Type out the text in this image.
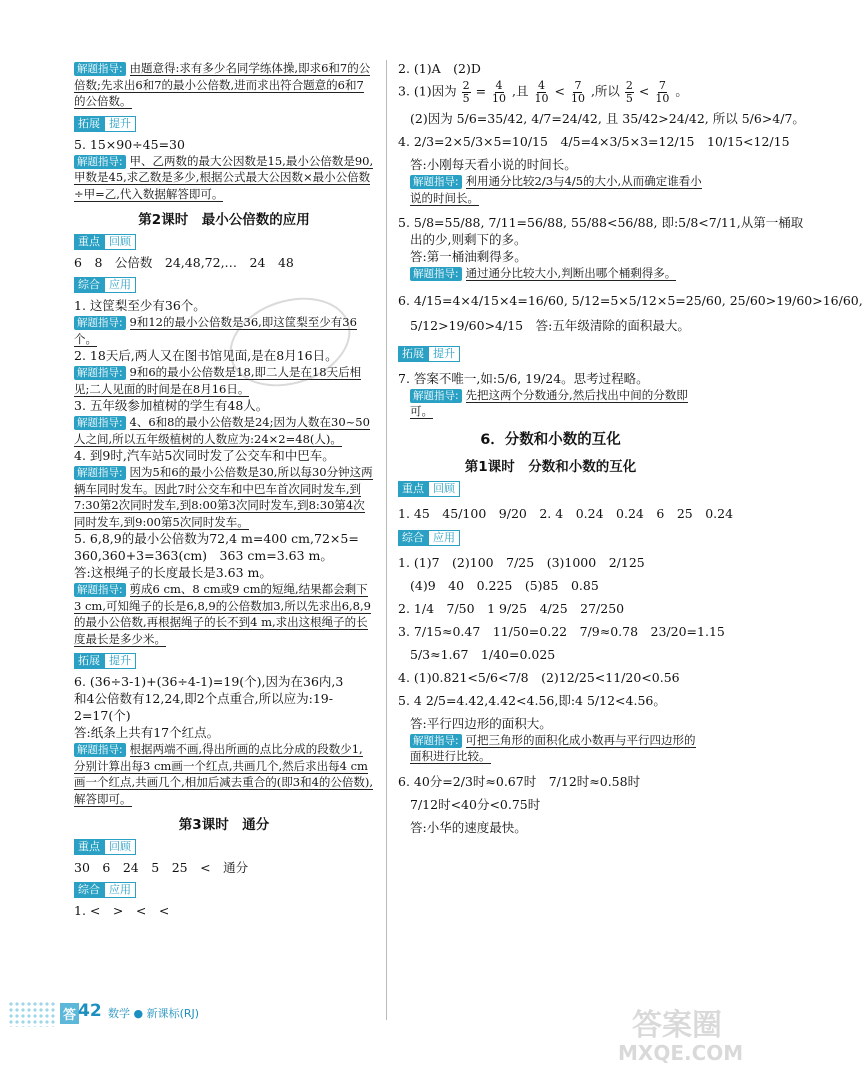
解题指导: 由题意得:求有多少名同学练体操,即求6和7的公倍数;先求出6和7的最小公倍数,进而求出符合题意的6和7的公倍数。

拓展 提升

5. 15×90÷45=30

解题指导: 甲、乙两数的最大公因数是15,最小公倍数是90,甲数是45,求乙数是多少,根据公式最大公因数×最小公倍数÷甲=乙,代入数据解答即可。

第2课时　最小公倍数的应用
重点 回顾

6　8　公倍数　24,48,72,…　24　48

综合 应用

1. 这筐梨至少有36个。

解题指导: 9和12的最小公倍数是36,即这筐梨至少有36个。

2. 18天后,两人又在图书馆见面,是在8月16日。

解题指导: 9和6的最小公倍数是18,即二人是在18天后相见;二人见面的时间是在8月16日。

3. 五年级参加植树的学生有48人。

解题指导: 4、6和8的最小公倍数是24;因为人数在30~50人之间,所以五年级植树的人数应为:24×2=48(人)。

4. 到9时,汽车站5次同时发了公交车和中巴车。

解题指导: 因为5和6的最小公倍数是30,所以每30分钟这两辆车同时发车。因此7时公交车和中巴车首次同时发车,到7:30第2次同时发车,到8:00第3次同时发车,到8:30第4次同时发车,到9:00第5次同时发车。

5. 6,8,9的最小公倍数为72,4 m=400 cm,72×5=

360,360+3=363(cm)　363 cm=3.63 m。

答:这根绳子的长度最长是3.63 m。

解题指导: 剪成6 cm、8 cm或9 cm的短绳,结果都会剩下3 cm,可知绳子的长是6,8,9的公倍数加3,所以先求出6,8,9的最小公倍数,再根据绳子的长不到4 m,求出这根绳子的长度最长是多少米。

拓展 提升

6. (36÷3-1)+(36÷4-1)=19(个),因为在36内,3

和4公倍数有12,24,即2个点重合,所以应为:19-

2=17(个)

答:纸条上共有17个红点。

解题指导: 根据两端不画,得出所画的点比分成的段数少1,分别计算出每3 cm画一个红点,共画几个,然后求出每4 cm画一个红点,共画几个,相加后减去重合的(即3和4的公倍数),解答即可。

第3课时　通分
重点 回顾

30　6　24　5　25　<　通分

综合 应用

1. <　>　<　<

2. (1)A　(2)D

3. (1)因为 $\frac{2}{5} = \frac{4}{10}$ ,且 $\frac{4}{10} < \frac{7}{10}$ ,所以 $\frac{2}{5} < \frac{7}{10}$ 。

(2)因为 5/6=35/42, 4/7=24/42, 且 35/42>24/42, 所以 5/6>4/7。

4. 2/3=2×5/3×5=10/15　4/5=4×3/5×3=12/15　10/15<12/15

答:小刚每天看小说的时间长。

解题指导: 利用通分比较2/3与4/5的大小,从而确定谁看小说的时间长。

5. 5/8=55/88, 7/11=56/88, 55/88<56/88, 即:5/8<7/11,从第一桶取

出的少,则剩下的多。

答:第一桶油剩得多。

解题指导: 通过通分比较大小,判断出哪个桶剩得多。

6. 4/15=4×4/15×4=16/60, 5/12=5×5/12×5=25/60, 25/60>19/60>16/60,

5/12>19/60>4/15　答:五年级清除的面积最大。

拓展 提升

7. 答案不唯一,如:5/6, 19/24。思考过程略。

解题指导: 先把这两个分数通分,然后找出中间的分数即可。

6．分数和小数的互化
第1课时　分数和小数的互化
重点 回顾

1. 45　45/100　9/20　2. 4　0.24　0.24　6　25　0.24

综合 应用

1. (1)7　(2)100　7/25　(3)1000　2/125

(4)9　40　0.225　(5)85　0.85

2. 1/4　7/50　1 9/25　4/25　27/250

3. 7/15≈0.47　11/50=0.22　7/9≈0.78　23/20=1.15

5/3≈1.67　1/40=0.025

4. (1)0.821<5/6<7/8　(2)12/25<11/20<0.56

5. 4 2/5=4.42,4.42<4.56,即:4 5/12<4.56。

答:平行四边形的面积大。

解题指导: 可把三角形的面积化成小数再与平行四边形的面积进行比较。

6. 40分=2/3时≈0.67时　7/12时≈0.58时

7/12时<40分<0.75时

答:小华的速度最快。

答 42 数学 ● 新课标(RJ)	答案圈
MXQE.COM
